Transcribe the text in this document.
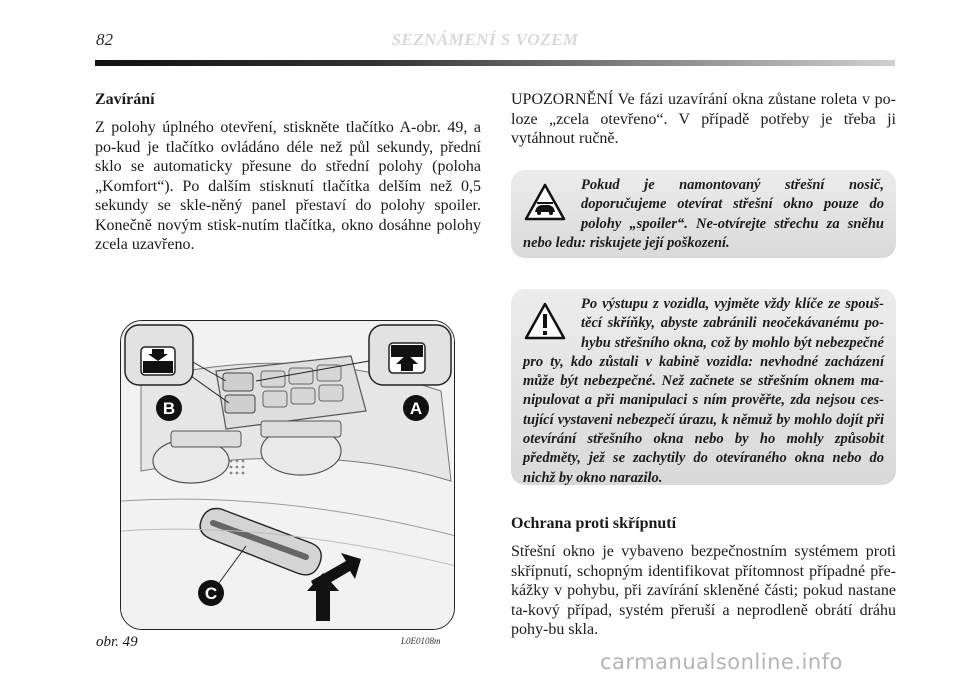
82	SEZNÁMENÍ S VOZEM
Zavírání

Z polohy úplného otevření, stiskněte tlačítko A-obr. 49, a po-kud je tlačítko ovládáno déle než půl sekundy, přední sklo se automaticky přesune do střední polohy (poloha „Komfort“). Po dalším stisknutí tlačítka delším než 0,5 sekundy se skle-něný panel přestaví do polohy spoiler. Konečně novým stisk-nutím tlačítka, okno dosáhne polohy zcela uzavřeno.

UPOZORNĚNÍ Ve fázi uzavírání okna zůstane roleta v po-loze „zcela otevřeno“. V případě potřeby je třeba ji vytáhnout ručně.

Pokud je namontovaný střešní nosič, doporučujeme otevírat střešní okno pouze do polohy „spoiler“. Ne-otvírejte střechu za sněhu nebo ledu: riskujete její poškození.
Po výstupu z vozidla, vyjměte vždy klíče ze spouš-těcí skříňky, abyste zabránili neočekávanému po-hybu střešního okna, což by mohlo být nebezpečné pro ty, kdo zůstali v kabině vozidla: nevhodné zacházení může být nebezpečné. Než začnete se střešním oknem ma-nipulovat a při manipulaci s ním prověřte, zda nejsou ces-tující vystaveni nebezpečí úrazu, k němuž by mohlo dojít při otevírání střešního okna nebo by ho mohly způsobit předměty, jež se zachytily do otevíraného okna nebo do nichž by okno narazilo.
Ochrana proti skřípnutí

Střešní okno je vybaveno bezpečnostním systémem proti skřípnutí, schopným identifikovat přítomnost případné pře-kážky v pohybu, při zavírání skleněné části; pokud nastane ta-kový případ, systém přeruší a neprodleně obrátí dráhu pohy-bu skla.

B	A
C
obr. 49	L0E0108m
carmanualsonline.info
